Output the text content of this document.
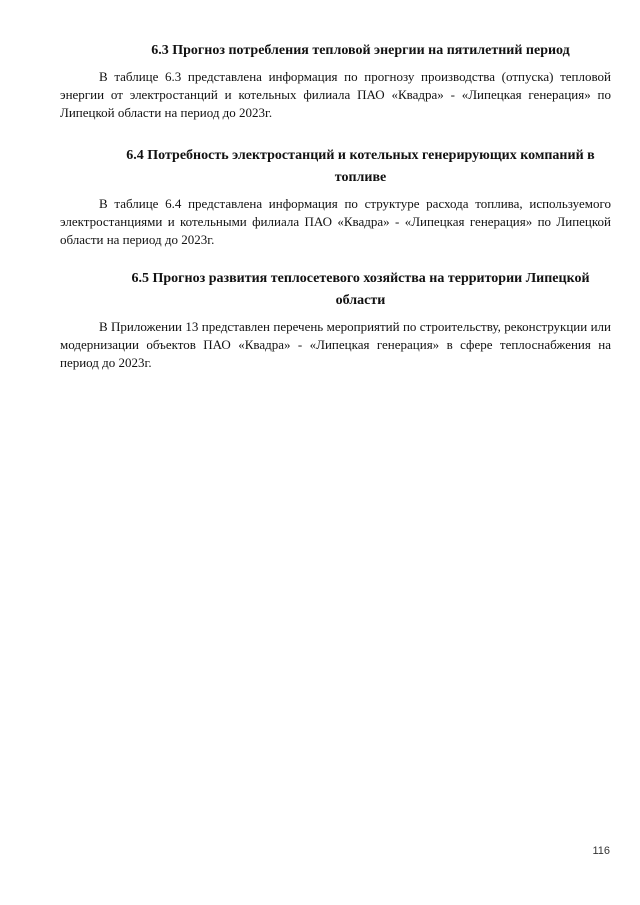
6.3 Прогноз потребления тепловой энергии на пятилетний период

В таблице 6.3 представлена информация по прогнозу производства (отпуска) тепловой энергии от электростанций и котельных филиала ПАО «Квадра» - «Липецкая генерация» по Липецкой области на период до 2023г.

6.4 Потребность электростанций и котельных генерирующих компаний в топливе

В таблице 6.4 представлена информация по структуре расхода топлива, используемого электростанциями и котельными филиала ПАО «Квадра» - «Липецкая генерация» по Липецкой области на период до 2023г.

6.5 Прогноз развития теплосетевого хозяйства на территории Липецкой области

В Приложении 13 представлен перечень мероприятий по строительству, реконструкции или модернизации объектов ПАО «Квадра» - «Липецкая генерация» в сфере теплоснабжения на период до 2023г.

116
